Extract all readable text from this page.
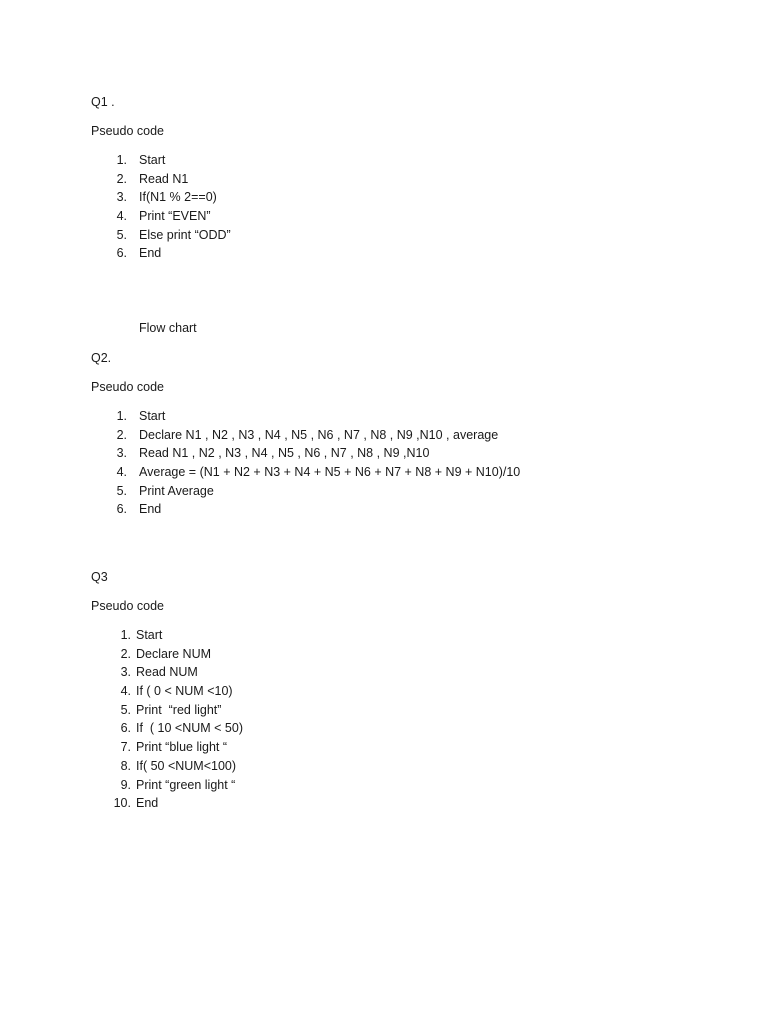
Q1 .
Pseudo code
1. Start
2. Read N1
3. If(N1 % 2==0)
4. Print “EVEN”
5. Else print “ODD”
6. End
Flow chart
Q2.
Pseudo code
1. Start
2. Declare N1 , N2 , N3 , N4 , N5 , N6 , N7 , N8 , N9 ,N10 , average
3. Read N1 , N2 , N3 , N4 , N5 , N6 , N7 , N8 , N9 ,N10
4. Average = (N1 + N2 + N3 + N4 + N5 + N6 + N7 + N8 + N9 + N10)/10
5. Print Average
6. End
Q3
Pseudo code
1. Start
2. Declare NUM
3. Read NUM
4. If ( 0 < NUM <10)
5. Print  “red light”
6. If  ( 10 <NUM < 50)
7. Print “blue light “
8. If( 50 <NUM<100)
9. Print “green light “
10. End
